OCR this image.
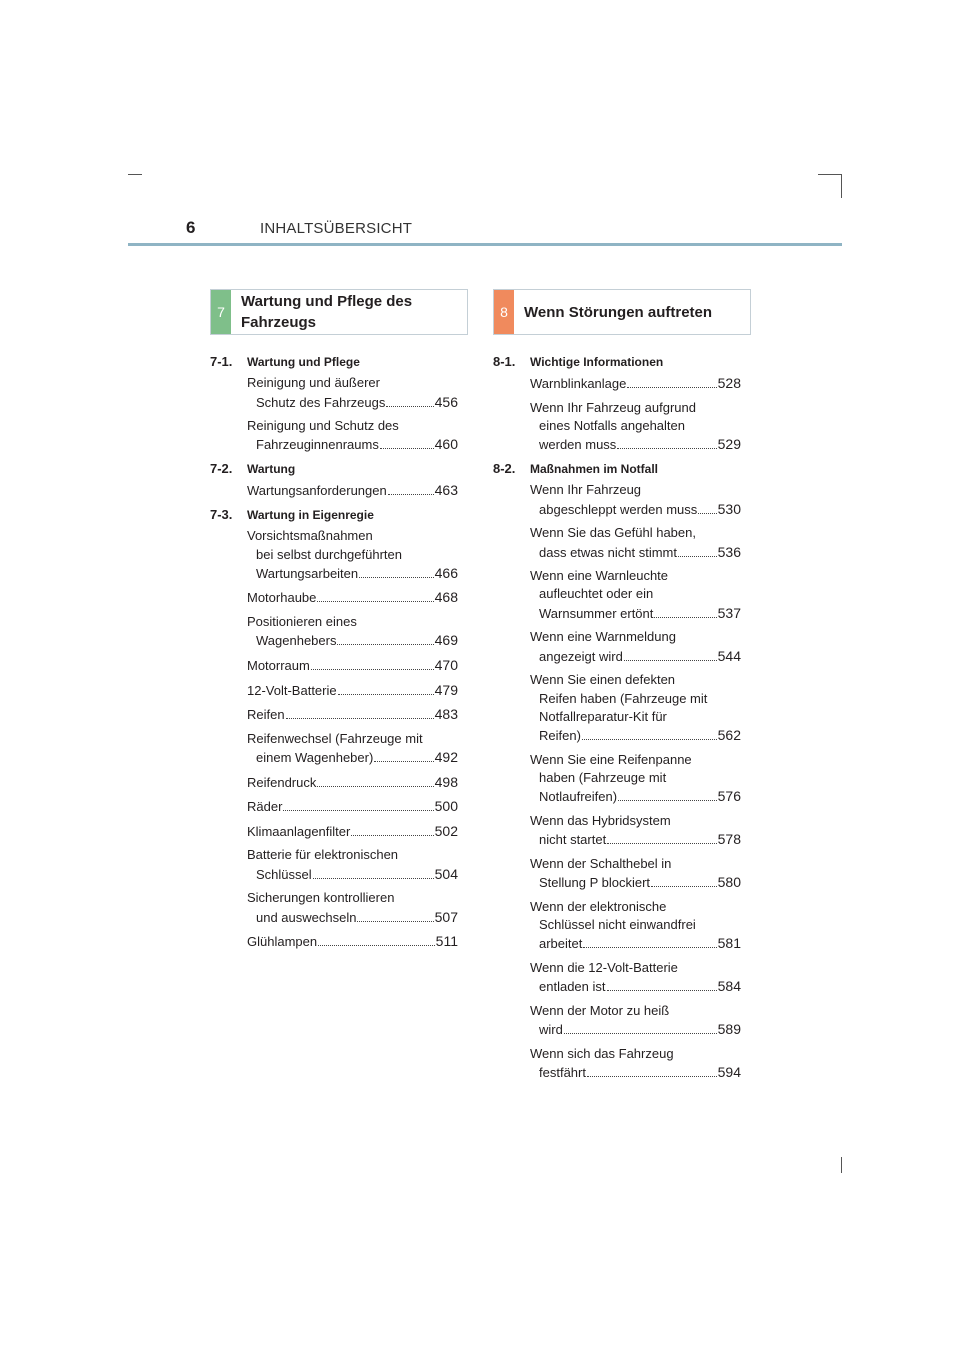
6	INHALTSÜBERSICHT
7
Wartung und Pflege des
Fahrzeugs
8	Wenn Störungen auftreten
7-1.	Wartung und Pflege
Reinigung und äußerer
Schutz des Fahrzeugs	456
Reinigung und Schutz des
Fahrzeuginnenraums	460
7-2.	Wartung
Wartungsanforderungen	463
7-3.	Wartung in Eigenregie
Vorsichtsmaßnahmen
bei selbst durchgeführten
Wartungsarbeiten	466
Motorhaube	468
Positionieren eines
Wagenhebers	469
Motorraum	470
12-Volt-Batterie	479
Reifen	483
Reifenwechsel (Fahrzeuge mit
einem Wagenheber)	492
Reifendruck	498
Räder	500
Klimaanlagenfilter	502
Batterie für elektronischen
Schlüssel	504
Sicherungen kontrollieren
und auswechseln	507
Glühlampen	511
8-1.	Wichtige Informationen
Warnblinkanlage	528
Wenn Ihr Fahrzeug aufgrund
eines Notfalls angehalten
werden muss	529
8-2.	Maßnahmen im Notfall
Wenn Ihr Fahrzeug
abgeschleppt werden muss 530
Wenn Sie das Gefühl haben,
dass etwas nicht stimmt	536
Wenn eine Warnleuchte
aufleuchtet oder ein
Warnsummer ertönt	537
Wenn eine Warnmeldung
angezeigt wird	544
Wenn Sie einen defekten
Reifen haben (Fahrzeuge mit
Notfallreparatur-Kit für
Reifen)	562
Wenn Sie eine Reifenpanne
haben (Fahrzeuge mit
Notlaufreifen)	576
Wenn das Hybridsystem
nicht startet	578
Wenn der Schalthebel in
Stellung P blockiert	580
Wenn der elektronische
Schlüssel nicht einwandfrei
arbeitet	581
Wenn die 12-Volt-Batterie
entladen ist	584
Wenn der Motor zu heiß
wird	589
Wenn sich das Fahrzeug
festfährt	594
